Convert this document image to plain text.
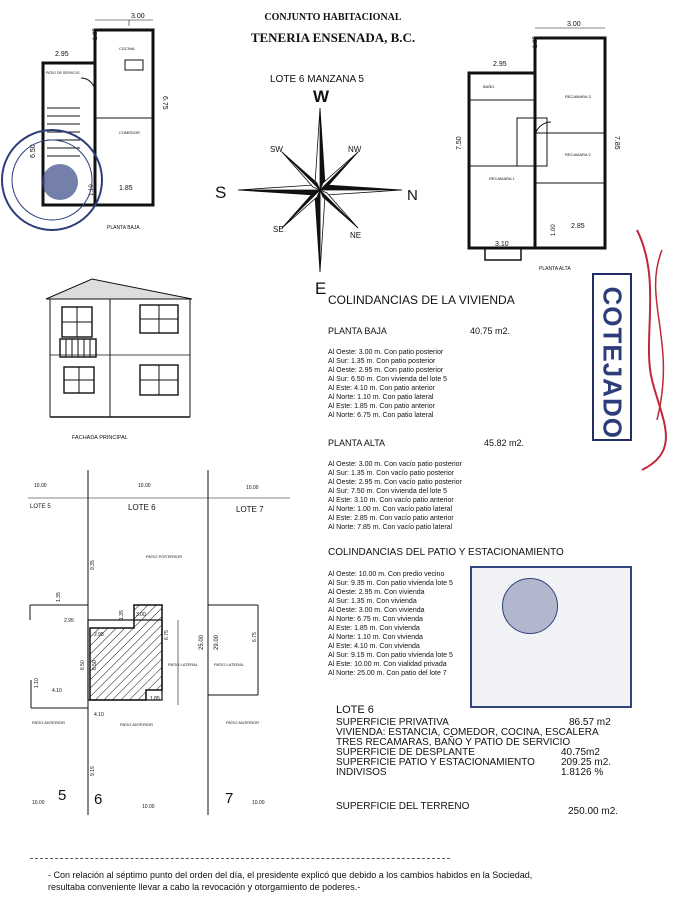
CONJUNTO HABITACIONAL
TENERIA ENSENADA, B.C.
LOTE 6 MANZANA 5
W
S	N
E
SW	NW
SE
NE
3.00
1.35
2.95
6.75
6.50
1.10	1.85
COCINA
COMEDOR
PATIO DE SERVICIO
PLANTA BAJA
3.00
1.35
2.95
7.50	7.85
2.85
1.00
3.10
BAÑO
RECAMARA 3
RECAMARA 2
RECAMARA 1
PLANTA ALTA
FACHADA PRINCIPAL	COTEJADO
COLINDANCIAS DE LA VIVIENDA
PLANTA BAJA	40.75 m2.
Al Oeste: 3.00 m. Con patio posterior
Al Sur: 1.35 m. Con patio posterior
Al Oeste: 2.95 m. Con patio posterior
Al Sur: 6.50 m. Con vivienda del lote 5
Al Este: 4.10 m. Con patio anterior
Al Norte: 1.10 m. Con patio lateral
Al Este: 1.85 m. Con patio anterior
Al Norte: 6.75 m. Con patio lateral
PLANTA ALTA	45.82 m2.
Al Oeste: 3.00 m. Con vacío patio posterior
Al Sur: 1.35 m. Con vacío patio posterior
Al Oeste: 2.95 m. Con vacío patio posterior
Al Sur: 7.50 m. Con vivienda del lote 5
Al Este: 3.10 m. Con vacío patio anterior
Al Norte: 1.00 m. Con vacío patio lateral
Al Este: 2.85 m. Con vacío patio anterior
Al Norte: 7.85 m. Con vacío patio lateral
COLINDANCIAS DEL PATIO Y ESTACIONAMIENTO
Al Oeste: 10.00 m. Con predio vecino
Al Sur: 9.35 m. Con patio vivienda lote 5
Al Oeste: 2.95 m. Con vivienda
Al Sur: 1.35 m. Con vivienda
Al Oeste: 3.00 m. Con vivienda
Al Norte: 6.75 m. Con vivienda
Al Este: 1.85 m. Con vivienda
Al Norte: 1.10 m. Con vivienda
Al Este: 4.10 m. Con vivienda
Al Sur: 9.15 m. Con patio vivienda lote 5
Al Este: 10.00 m. Con vialidad privada
Al Norte: 25.00 m. Con patio del lote 7
LOTE 6
SUPERFICIE PRIVATIVA	86.57 m2
VIVIENDA: ESTANCIA, COMEDOR, COCINA, ESCALERA
TRES RECAMARAS, BAÑO Y PATIO DE SERVICIO
SUPERFICIE DE DESPLANTE	40.75m2
SUPERFICIE PATIO Y ESTACIONAMIENTO	209.25 m2.
INDIVISOS	1.8126 %
SUPERFICIE DEL TERRENO	250.00 m2.
LOTE 5	LOTE 6	LOTE 7
5 6	7
PATIO POSTERIOR
PATIO LATERAL	PATIO LATERAL
PATIO ANTERIOR	PATIO ANTERIOR	PATIO ANTERIOR
10.00	10.00	10.00
10.00
10.00
10.00
9.35
1.35
2.95
2.95
3.00
6.75
6.50 6.50
1.10
4.10
4.10
1.85
25.00 29.00	6.75
9.15
1.35
- Con relación al séptimo punto del orden del día, el presidente explicó que debido a los cambios habidos en la Sociedad,
resultaba conveniente llevar a cabo la revocación y otorgamiento de poderes.-
